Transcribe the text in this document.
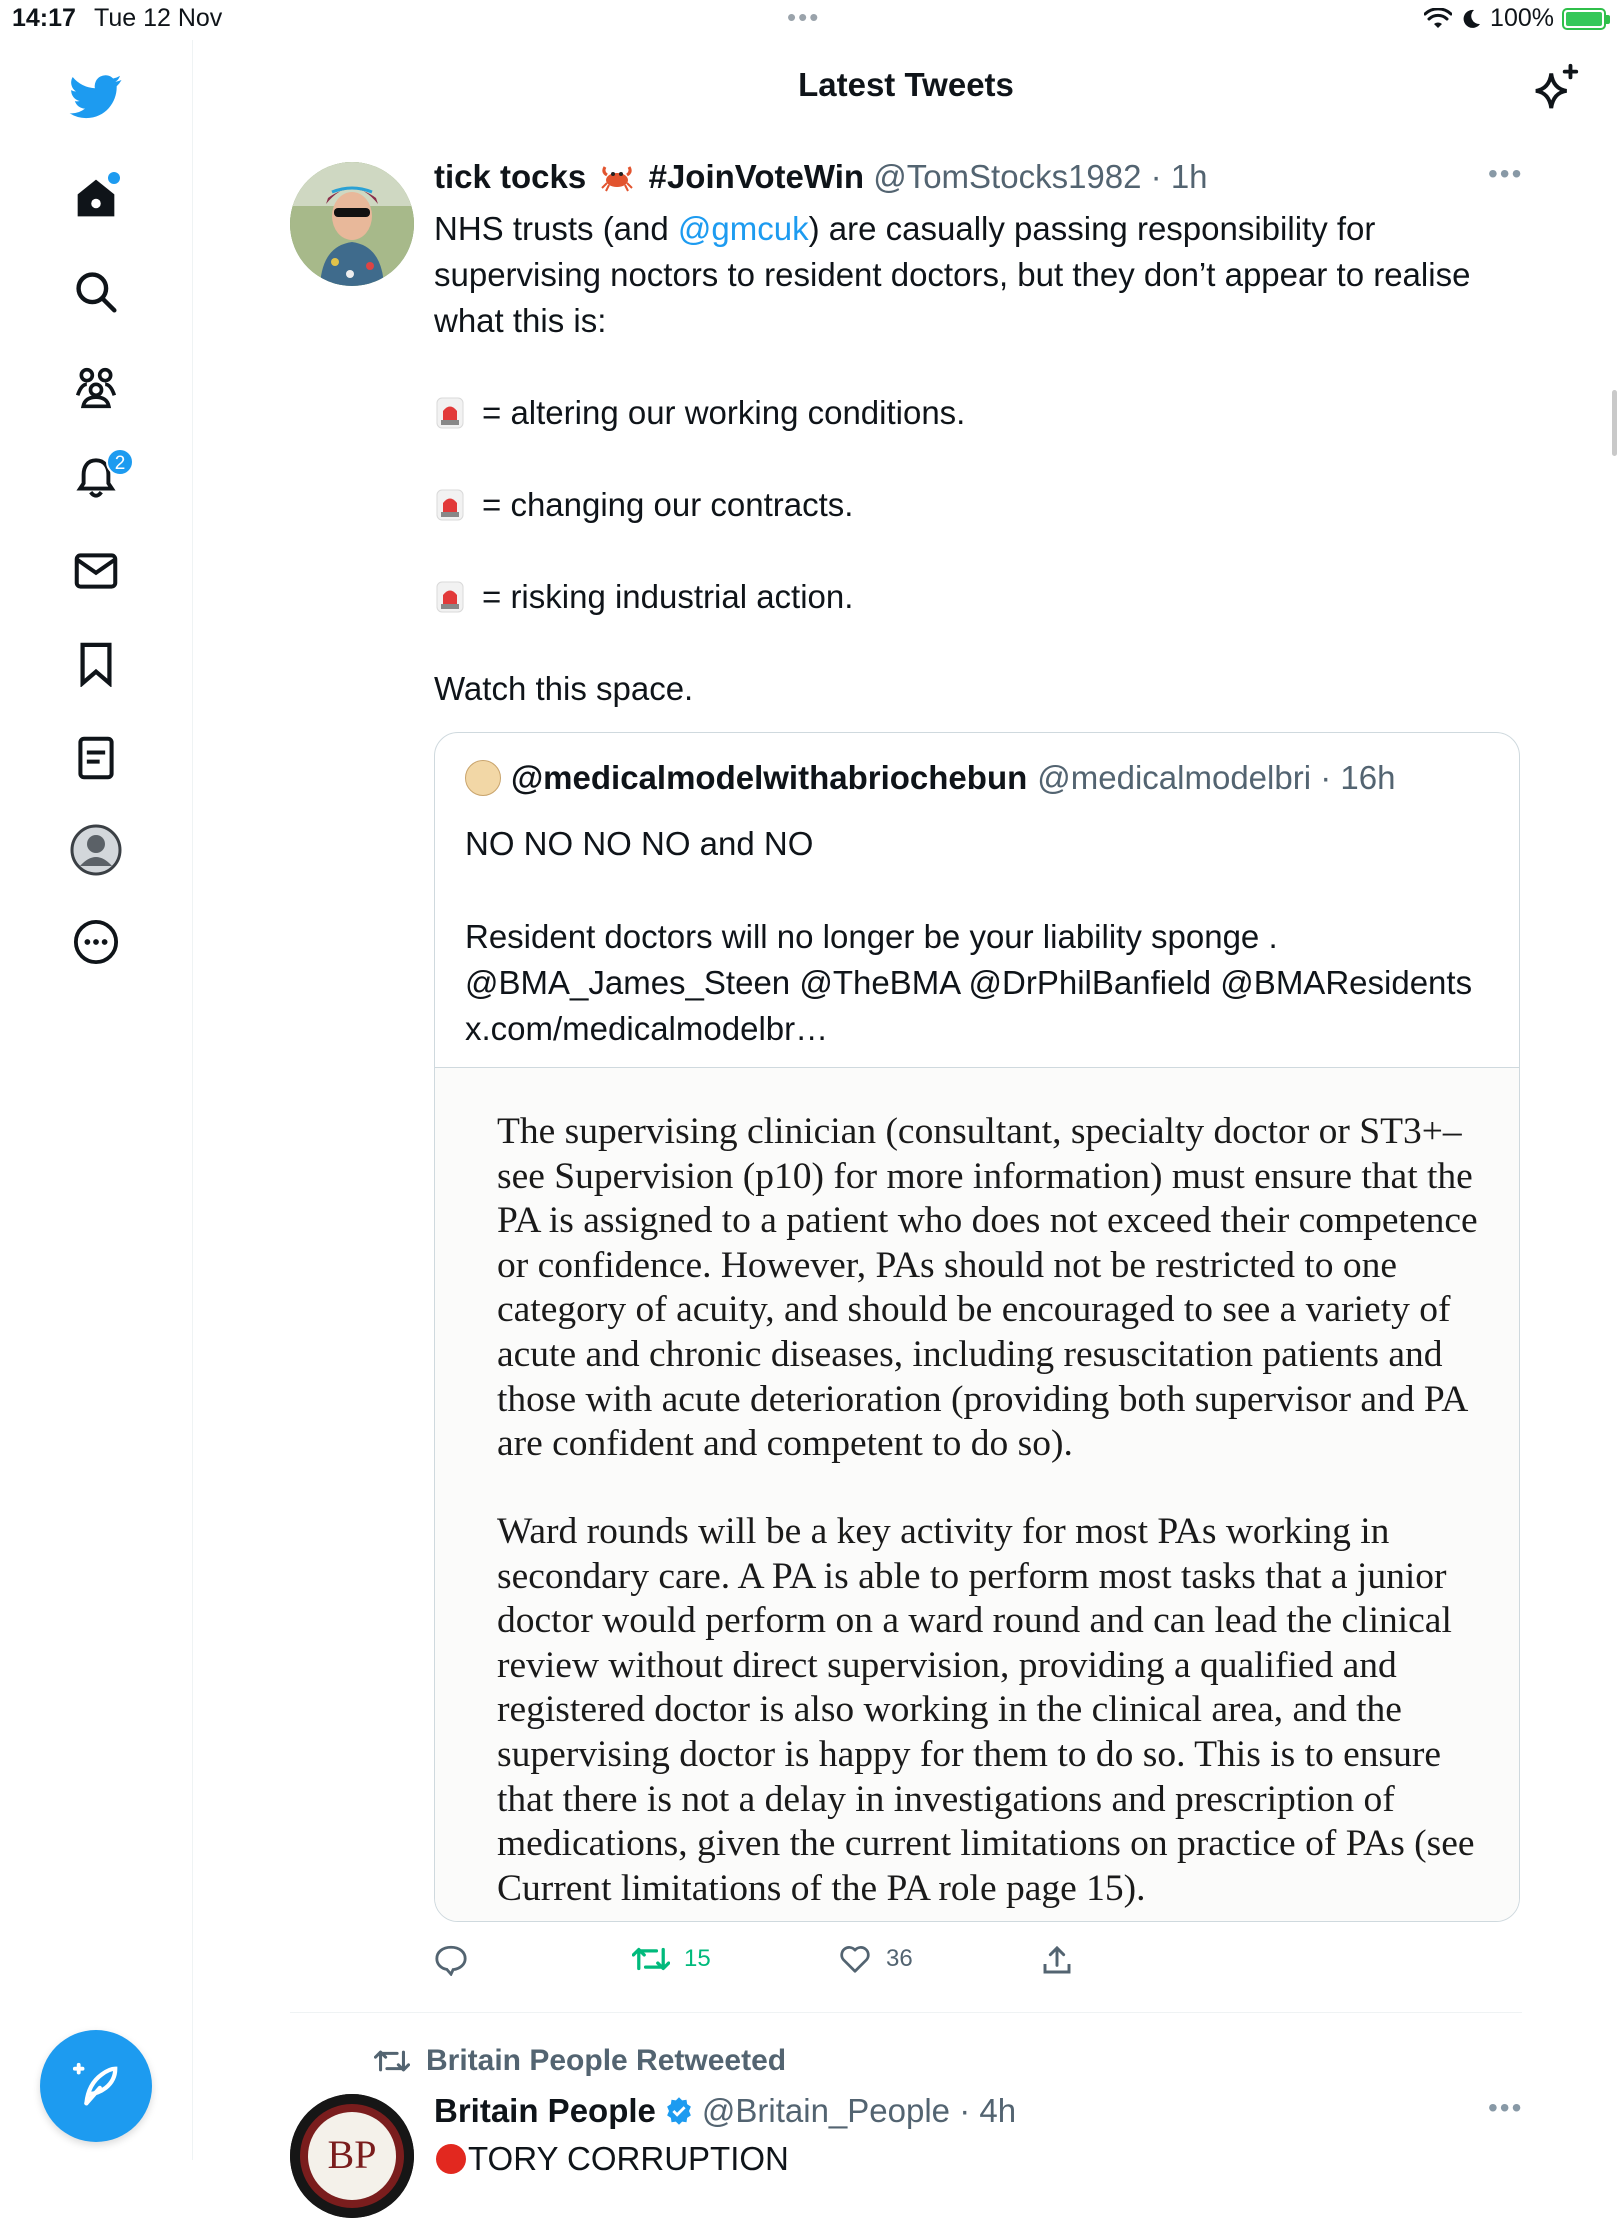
14:17 Tue 12 Nov	•••	100%
2
Latest Tweets
tick tocks #JoinVoteWin @TomStocks1982 · 1h	•••
NHS trusts (and @gmcuk) are casually passing responsibility for supervising noctors to resident doctors, but they don’t appear to realise what this is:
= altering our working conditions.
= changing our contracts.
= risking industrial action.
Watch this space.
@medicalmodelwithabriochebun @medicalmodelbri · 16h
NO NO NO NO and NO
Resident doctors will no longer be your liability sponge .
@BMA_James_Steen @TheBMA @DrPhilBanfield @BMAResidents
x.com/medicalmodelbr…
The supervising clinician (consultant, specialty doctor or ST3+– see Supervision (p10) for more information) must ensure that the PA is assigned to a patient who does not exceed their competence or confidence. However, PAs should not be restricted to one category of acuity, and should be encouraged to see a variety of acute and chronic diseases, including resuscitation patients and those with acute deterioration (providing both supervisor and PA are confident and competent to do so).
Ward rounds will be a key activity for most PAs working in secondary care. A PA is able to perform most tasks that a junior doctor would perform on a ward round and can lead the clinical review without direct supervision, providing a qualified and registered doctor is also working in the clinical area, and the supervising doctor is happy for them to do so. This is to ensure that there is not a delay in investigations and prescription of medications, given the current limitations on practice of PAs (see Current limitations of the PA role page 15).
15	36
Britain People Retweeted
BP
Britain People @Britain_People · 4h	•••
TORY CORRUPTION
